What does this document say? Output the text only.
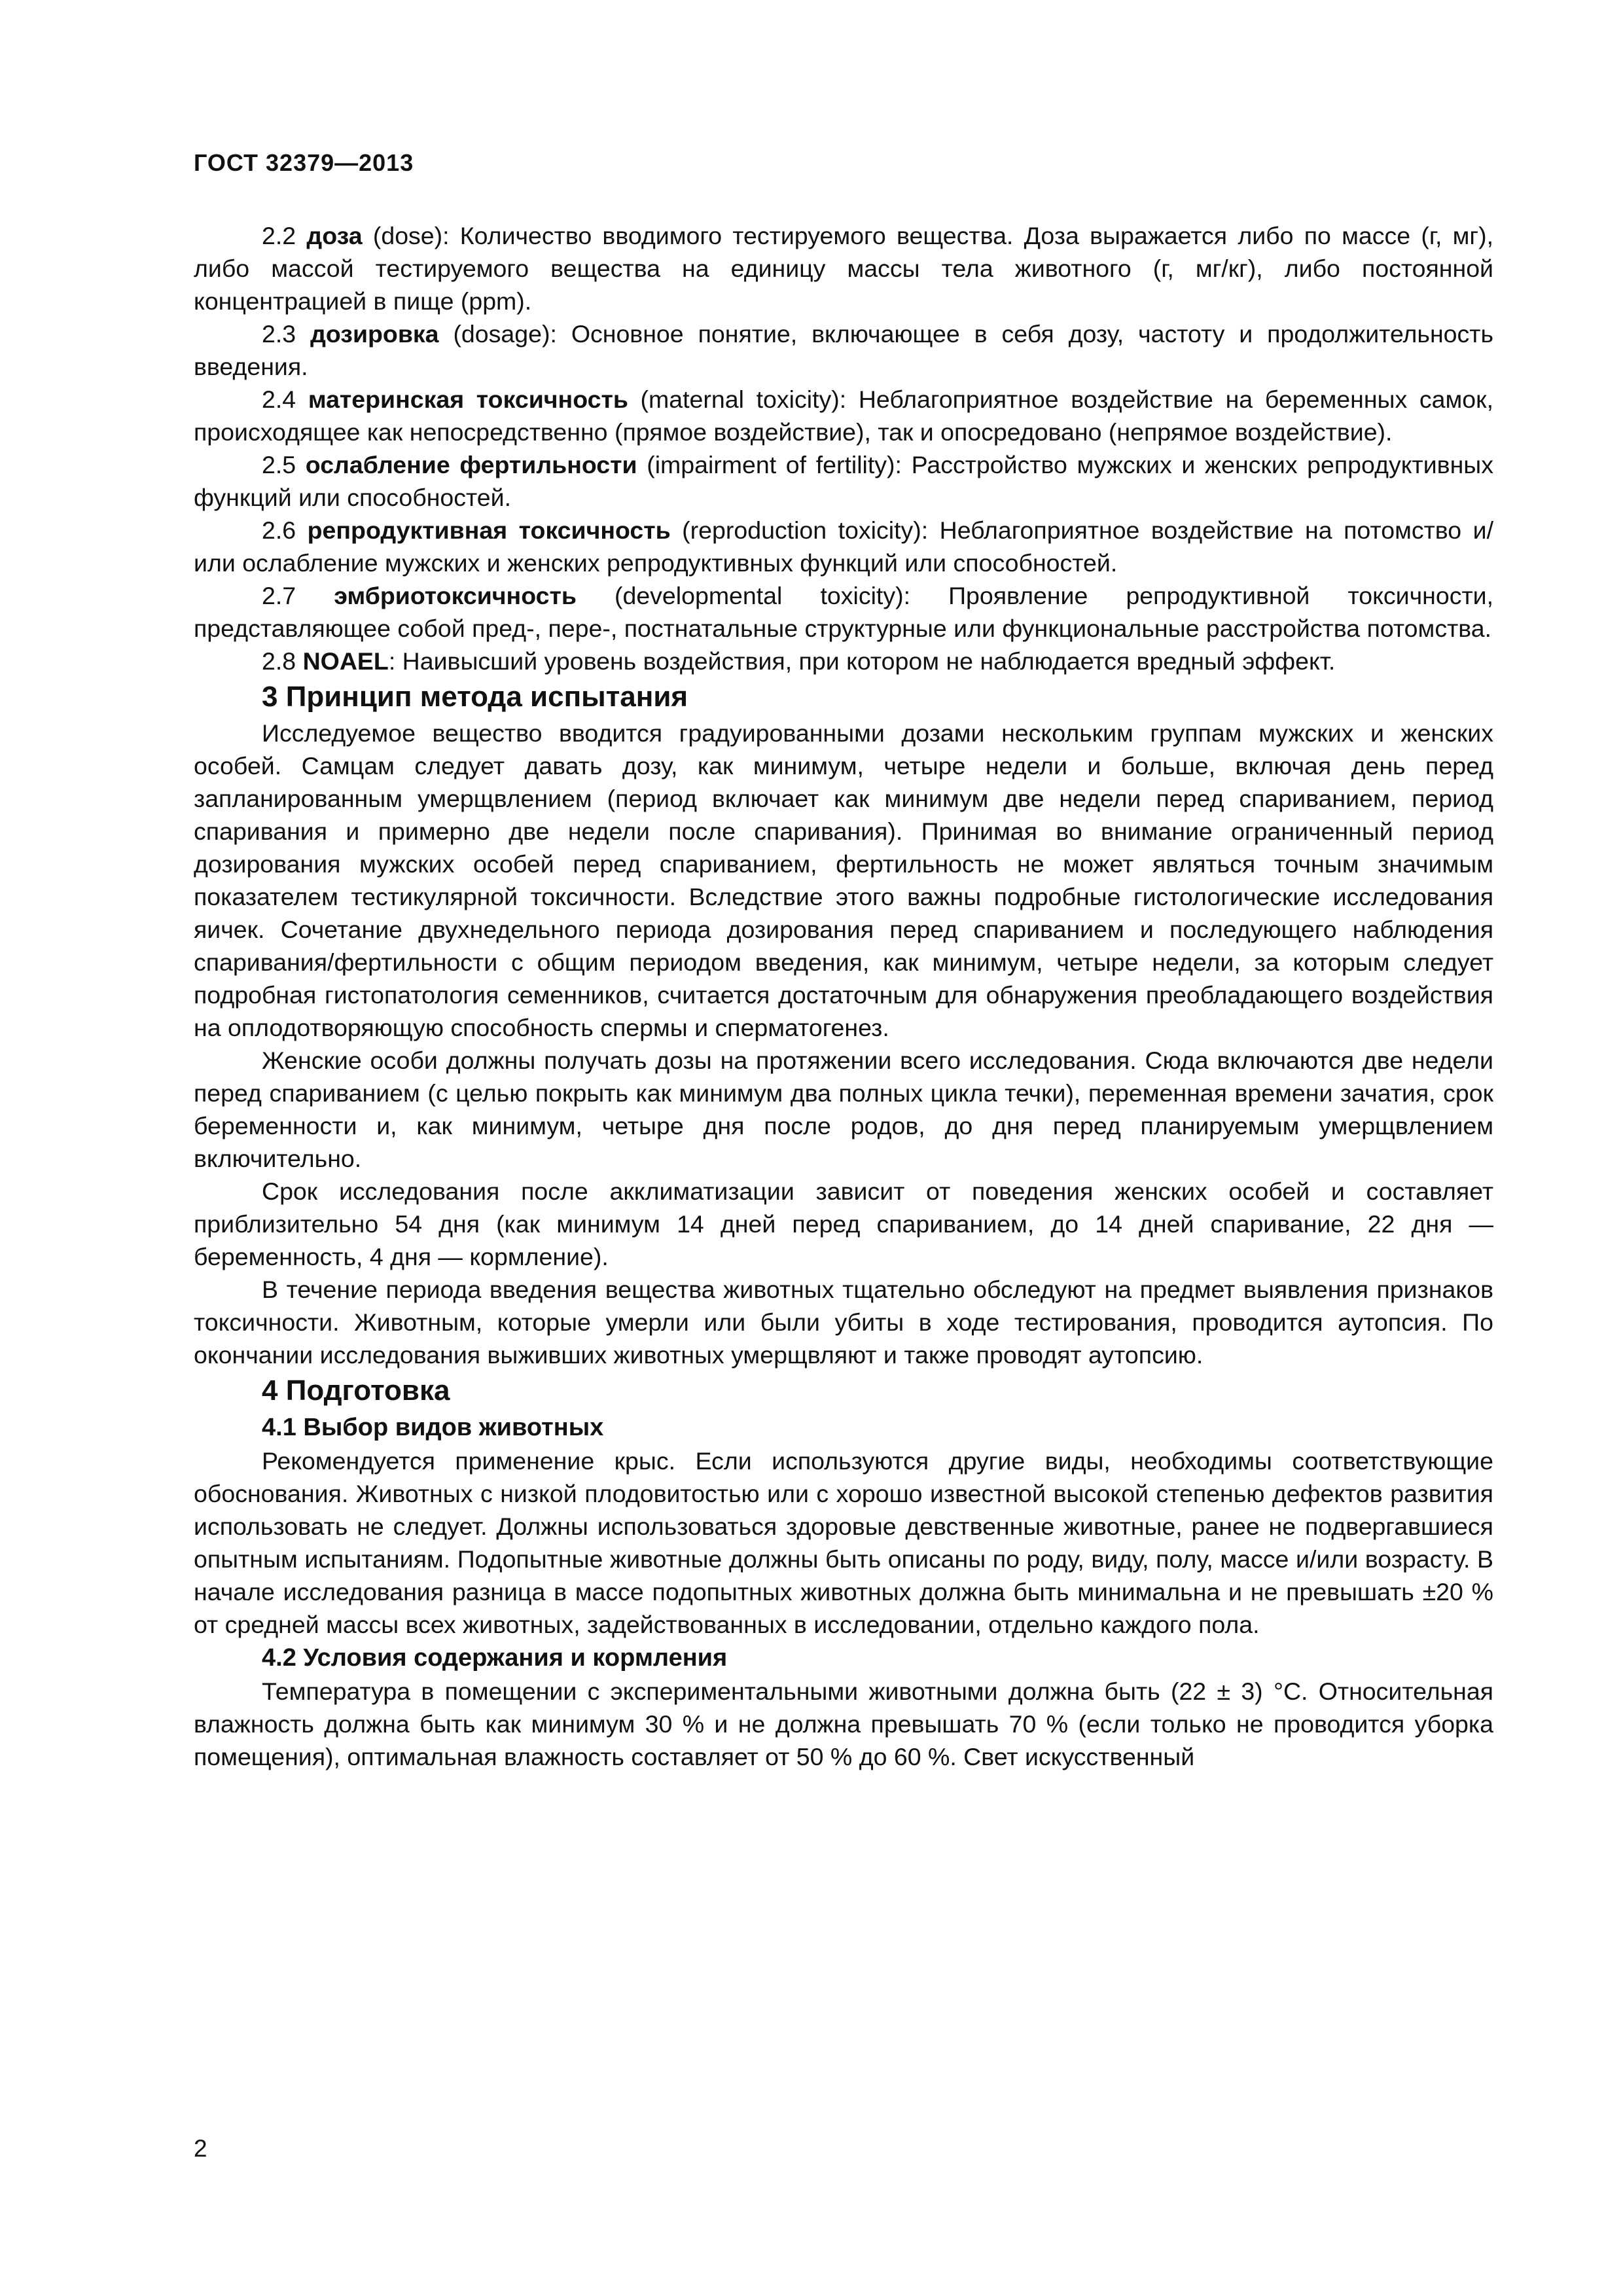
ГОСТ 32379—2013

2.2 доза (dose): Количество вводимого тестируемого вещества. Доза выражается либо по массе (г, мг), либо массой тестируемого вещества на единицу массы тела животного (г, мг/кг), либо постоянной концентрацией в пище (ppm).

2.3 дозировка (dosage): Основное понятие, включающее в себя дозу, частоту и продолжительность введения.

2.4 материнская токсичность (maternal toxicity): Неблагоприятное воздействие на беременных самок, происходящее как непосредственно (прямое воздействие), так и опосредовано (непрямое воздействие).

2.5 ослабление фертильности (impairment of fertility): Расстройство мужских и женских репродуктивных функций или способностей.

2.6 репродуктивная токсичность (reproduction toxicity): Неблагоприятное воздействие на потомство и/или ослабление мужских и женских репродуктивных функций или способностей.

2.7 эмбриотоксичность (developmental toxicity): Проявление репродуктивной токсичности, представляющее собой пред-, пере-, постнатальные структурные или функциональные расстройства потомства.

2.8 NOAEL: Наивысший уровень воздействия, при котором не наблюдается вредный эффект.

3 Принцип метода испытания

Исследуемое вещество вводится градуированными дозами нескольким группам мужских и женских особей. Самцам следует давать дозу, как минимум, четыре недели и больше, включая день перед запланированным умерщвлением (период включает как минимум две недели перед спариванием, период спаривания и примерно две недели после спаривания). Принимая во внимание ограниченный период дозирования мужских особей перед спариванием, фертильность не может являться точным значимым показателем тестикулярной токсичности. Вследствие этого важны подробные гистологические исследования яичек. Сочетание двухнедельного периода дозирования перед спариванием и последующего наблюдения спаривания/фертильности с общим периодом введения, как минимум, четыре недели, за которым следует подробная гистопатология семенников, считается достаточным для обнаружения преобладающего воздействия на оплодотворяющую способность спермы и сперматогенез.

Женские особи должны получать дозы на протяжении всего исследования. Сюда включаются две недели перед спариванием (с целью покрыть как минимум два полных цикла течки), переменная времени зачатия, срок беременности и, как минимум, четыре дня после родов, до дня перед планируемым умерщвлением включительно.

Срок исследования после акклиматизации зависит от поведения женских особей и составляет приблизительно 54 дня (как минимум 14 дней перед спариванием, до 14 дней спаривание, 22 дня — беременность, 4 дня — кормление).

В течение периода введения вещества животных тщательно обследуют на предмет выявления признаков токсичности. Животным, которые умерли или были убиты в ходе тестирования, проводится аутопсия. По окончании исследования выживших животных умерщвляют и также проводят аутопсию.

4 Подготовка
4.1 Выбор видов животных

Рекомендуется применение крыс. Если используются другие виды, необходимы соответствующие обоснования. Животных с низкой плодовитостью или с хорошо известной высокой степенью дефектов развития использовать не следует. Должны использоваться здоровые девственные животные, ранее не подвергавшиеся опытным испытаниям. Подопытные животные должны быть описаны по роду, виду, полу, массе и/или возрасту. В начале исследования разница в массе подопытных животных должна быть минимальна и не превышать ±20 % от средней массы всех животных, задействованных в исследовании, отдельно каждого пола.

4.2 Условия содержания и кормления

Температура в помещении с экспериментальными животными должна быть (22 ± 3) °С. Относительная влажность должна быть как минимум 30 % и не должна превышать 70 % (если только не проводится уборка помещения), оптимальная влажность составляет от 50 % до 60 %. Свет искусственный

2
